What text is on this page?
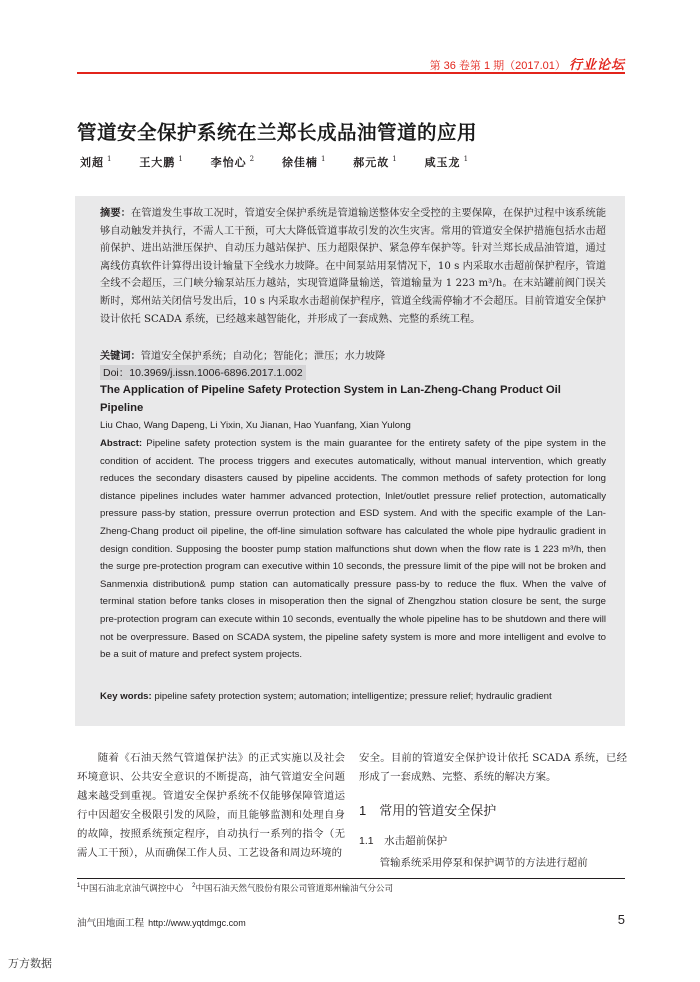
第 36 卷第 1 期（2017.01） 行业论坛
管道安全保护系统在兰郑长成品油管道的应用
刘超 $^1$ 王大鹏 $^1$ 李怡心 $^2$ 徐佳楠 $^1$ 郝元故 $^1$ 咸玉龙 $^1$
摘要：在管道发生事故工况时，管道安全保护系统是管道输送整体安全受控的主要保障，在保护过程中该系统能够自动触发并执行，不需人工干预，可大大降低管道事故引发的次生灾害。常用的管道安全保护措施包括水击超前保护、进出站泄压保护、自动压力越站保护、压力超限保护、紧急停车保护等。针对兰郑长成品油管道，通过离线仿真软件计算得出设计输量下全线水力坡降。在中间泵站用泵情况下，10 s 内采取水击超前保护程序，管道全线不会超压，三门峡分输泵站压力越站，实现管道降量输送，管道输量为 1 223 m³/h。在末站罐前阀门误关断时，郑州站关闭信号发出后，10 s 内采取水击超前保护程序，管道全线需停输才不会超压。目前管道安全保护设计依托 SCADA 系统，已经越来越智能化，并形成了一套成熟、完整的系统工程。
关键词：管道安全保护系统；自动化；智能化；泄压；水力坡降
Doi：10.3969/j.issn.1006-6896.2017.1.002
The Application of Pipeline Safety Protection System in Lan-Zheng-Chang Product Oil Pipeline
Liu Chao, Wang Dapeng, Li Yixin, Xu Jianan, Hao Yuanfang, Xian Yulong
Abstract: Pipeline safety protection system is the main guarantee for the entirety safety of the pipe system in the condition of accident. The process triggers and executes automatically, without manual intervention, which greatly reduces the secondary disasters caused by pipeline accidents. The common methods of safety protection for long distance pipelines includes water hammer advanced protection, Inlet/outlet pressure relief protection, automatically pressure pass-by station, pressure overrun protection and ESD system. And with the specific example of the Lan-Zheng-Chang product oil pipeline, the off-line simulation software has calculated the whole pipe hydraulic gradient in design condition. Supposing the booster pump station malfunctions shut down when the flow rate is 1 223 m³/h, then the surge pre-protection program can executive within 10 seconds, the pressure limit of the pipe will not be broken and Sanmenxia distribution& pump station can automatically pressure pass-by to reduce the flux. When the valve of terminal station before tanks closes in misoperation then the signal of Zhengzhou station closure be sent, the surge pre-protection program can execute within 10 seconds, eventually the whole pipeline has to be shutdown and there will not be overpressure. Based on SCADA system, the pipeline safety system is more and more intelligent and evolve to be a suit of mature and prefect system projects.
Key words: pipeline safety protection system; automation; intelligentize; pressure relief; hydraulic gradient
随着《石油天然气管道保护法》的正式实施以及社会环境意识、公共安全意识的不断提高，油气管道安全问题越来越受到重视。管道安全保护系统不仅能够保障管道运行中因超安全极限引发的风险，而且能够监测和处理自身的故障，按照系统预定程序，自动执行一系列的指令（无需人工干预），从而确保工作人员、工艺设备和周边环境的
安全。目前的管道安全保护设计依托 SCADA 系统，已经形成了一套成熟、完整、系统的解决方案。
1　常用的管道安全保护
1.1　水击超前保护
管输系统采用停泵和保护调节的方法进行超前
$^1$中国石油北京油气调控中心　 $^2$中国石油天然气股份有限公司管道郑州输油气分公司
油气田地面工程 http://www.yqtdmgc.com	5
万方数据
